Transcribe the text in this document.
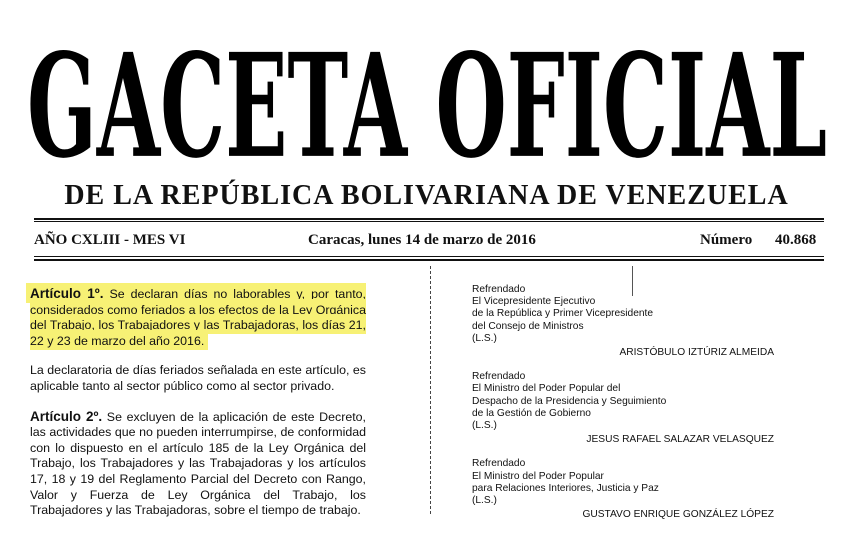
GACETA OFICIAL
DE LA REPÚBLICA BOLIVARIANA DE VENEZUELA
AÑO CXLIII - MES VI	Caracas, lunes 14 de marzo de 2016	Número 40.868

Artículo 1º. Se declaran días no laborables y, por tanto, considerados como feriados a los efectos de la Ley Orgánica del Trabajo, los Trabajadores y las Trabajadoras, los días 21, 22 y 23 de marzo del año 2016.

La declaratoria de días feriados señalada en este artículo, es aplicable tanto al sector público como al sector privado.

Artículo 2º. Se excluyen de la aplicación de este Decreto, las actividades que no pueden interrumpirse, de conformidad con lo dispuesto en el artículo 185 de la Ley Orgánica del Trabajo, los Trabajadores y las Trabajadoras y los artículos 17, 18 y 19 del Reglamento Parcial del Decreto con Rango, Valor y Fuerza de Ley Orgánica del Trabajo, los Trabajadores y las Trabajadoras, sobre el tiempo de trabajo.

Refrendado
El Vicepresidente Ejecutivo
de la República y Primer Vicepresidente
del Consejo de Ministros
(L.S.)
ARISTÓBULO IZTÚRIZ ALMEIDA
Refrendado
El Ministro del Poder Popular del
Despacho de la Presidencia y Seguimiento
de la Gestión de Gobierno
(L.S.)
JESUS RAFAEL SALAZAR VELASQUEZ
Refrendado
El Ministro del Poder Popular
para Relaciones Interiores, Justicia y Paz
(L.S.)
GUSTAVO ENRIQUE GONZÁLEZ LÓPEZ
